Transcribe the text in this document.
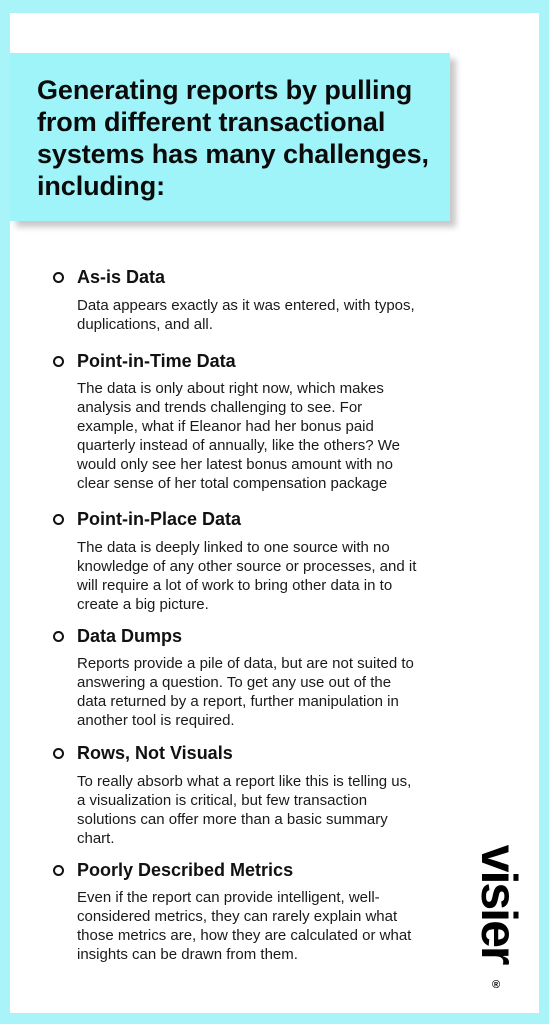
Generating reports by pulling from different transactional systems has many challenges, including:
As-is Data
Data appears exactly as it was entered, with typos, duplications, and all.
Point-in-Time Data
The data is only about right now, which makes analysis and trends challenging to see. For example, what if Eleanor had her bonus paid quarterly instead of annually, like the others? We would only see her latest bonus amount with no clear sense of her total compensation package
Point-in-Place Data
The data is deeply linked to one source with no knowledge of any other source or processes, and it will require a lot of work to bring other data in to create a big picture.
Data Dumps
Reports provide a pile of data, but are not suited to answering a question. To get any use out of the data returned by a report, further manipulation in another tool is required.
Rows, Not Visuals
To really absorb what a report like this is telling us, a visualization is critical, but few transaction solutions can offer more than a basic summary chart.
Poorly Described Metrics
Even if the report can provide intelligent, well-considered metrics, they can rarely explain what those metrics are, how they are calculated or what insights can be drawn from them.	visier
®
